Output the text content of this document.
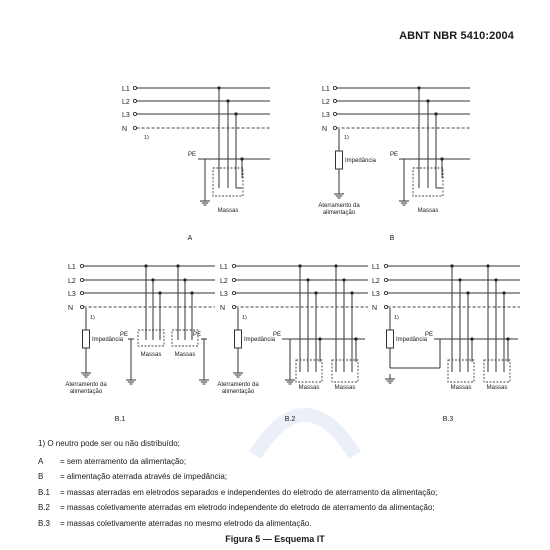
ABNT NBR 5410:2004
L1
L2
L3
N
1)
PE
Massas
A
L1
L2
L3
N
1)
Impedância
Aterramento da
alimentação
PE
Massas
B
L1
L2
L3
N
1)
Impedância
Aterramento da
alimentação
PE
Massas
PE
Massas
B.1
L1
L2
L3
N
1)
Impedância
Aterramento da
alimentação
PE
Massas	Massas
B.2
L1
L2
L3
N
1)
Impedância
PE
Massas	Massas
B.3
1) O neutro pode ser ou não distribuído;
A = sem aterramento da alimentação;
B = alimentação aterrada através de impedância;
B.1 = massas aterradas em eletrodos separados e independentes do eletrodo de aterramento da alimentação;
B.2 = massas coletivamente aterradas em eletrodo independente do eletrodo de aterramento da alimentação;
B.3 = massas coletivamente aterradas no mesmo eletrodo da alimentação.
Figura 5 — Esquema IT
